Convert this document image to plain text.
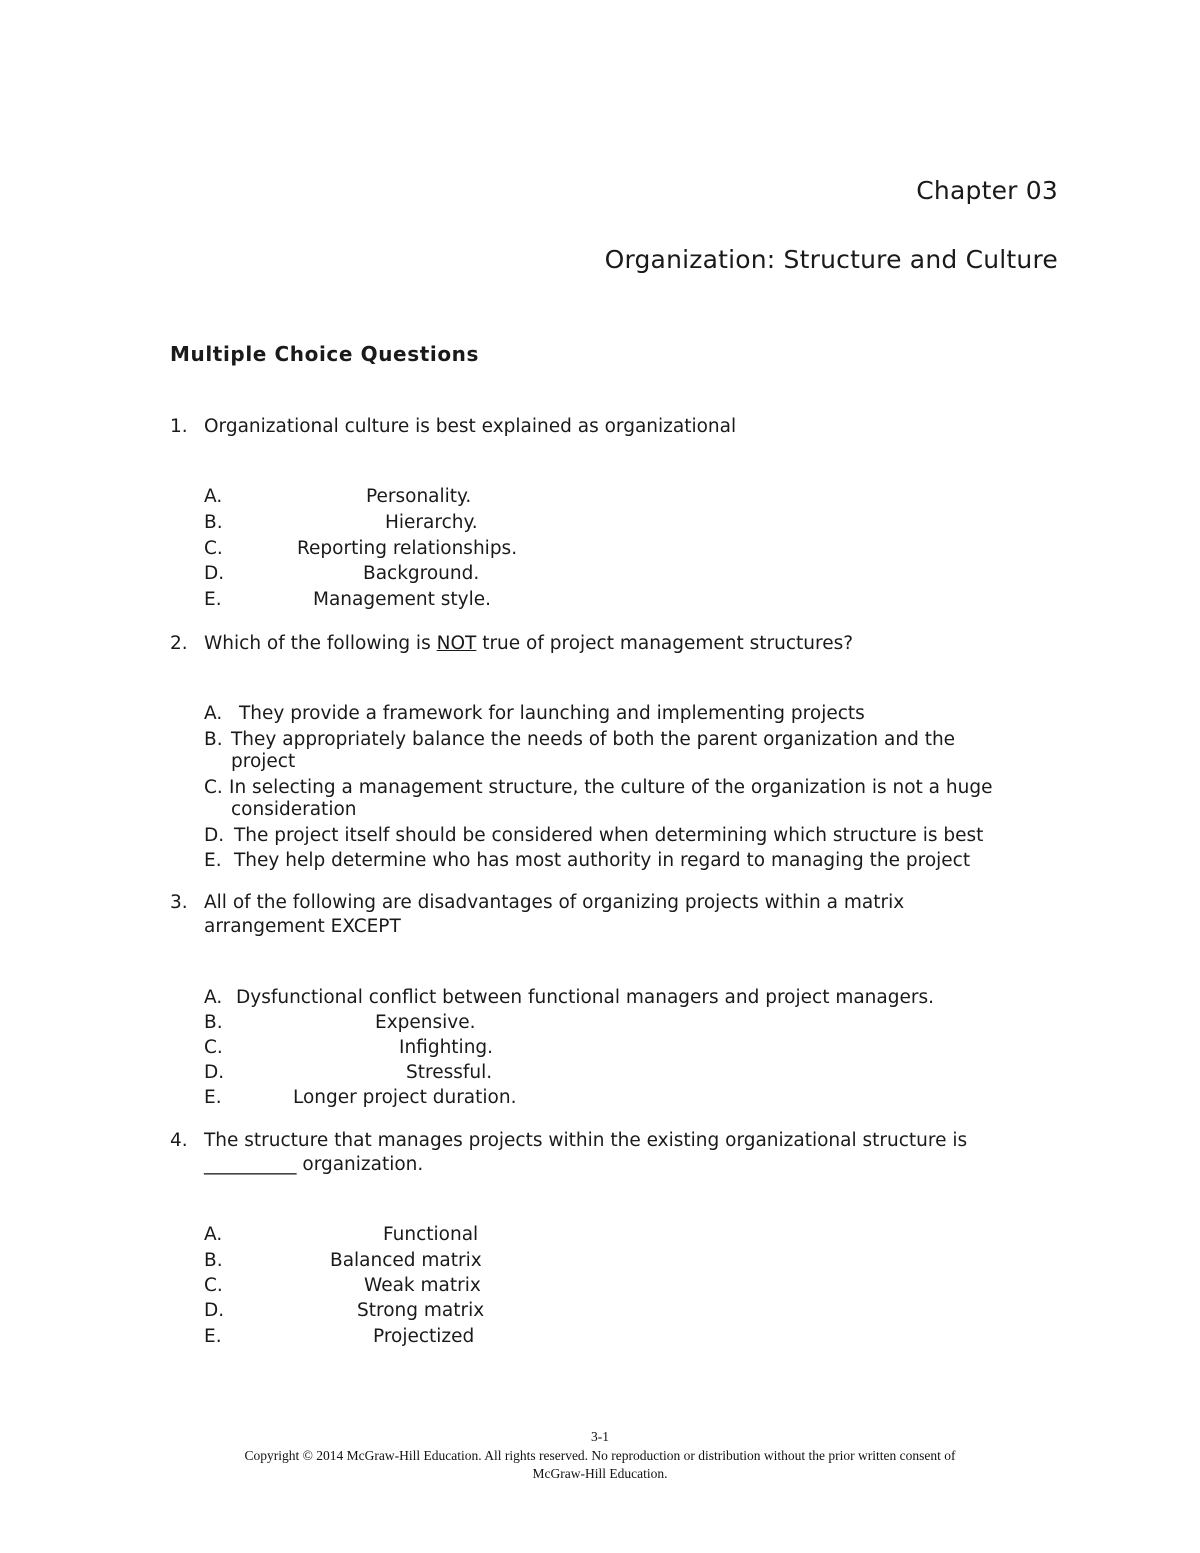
Chapter 03
Organization: Structure and Culture
Multiple Choice Questions
1. Organizational culture is best explained as organizational
A.	Personality.
B.	Hierarchy.
C.	Reporting relationships.
D.	Background.
E.	Management style.
2. Which of the following is NOT true of project management structures?
A. They provide a framework for launching and implementing projects
B. They appropriately balance the needs of both the parent organization and the
project
C. In selecting a management structure, the culture of the organization is not a huge
consideration
D. The project itself should be considered when determining which structure is best
E. They help determine who has most authority in regard to managing the project
3. All of the following are disadvantages of organizing projects within a matrix
arrangement EXCEPT
A. Dysfunctional conflict between functional managers and project managers.
B.	Expensive.
C.	Infighting.
D.	Stressful.
E.	Longer project duration.
4. The structure that manages projects within the existing organizational structure is
__________ organization.
A.	Functional
B.	Balanced matrix
C.	Weak matrix
D.	Strong matrix
E.	Projectized
3-1
Copyright © 2014 McGraw-Hill Education. All rights reserved. No reproduction or distribution without the prior written consent of
McGraw-Hill Education.
